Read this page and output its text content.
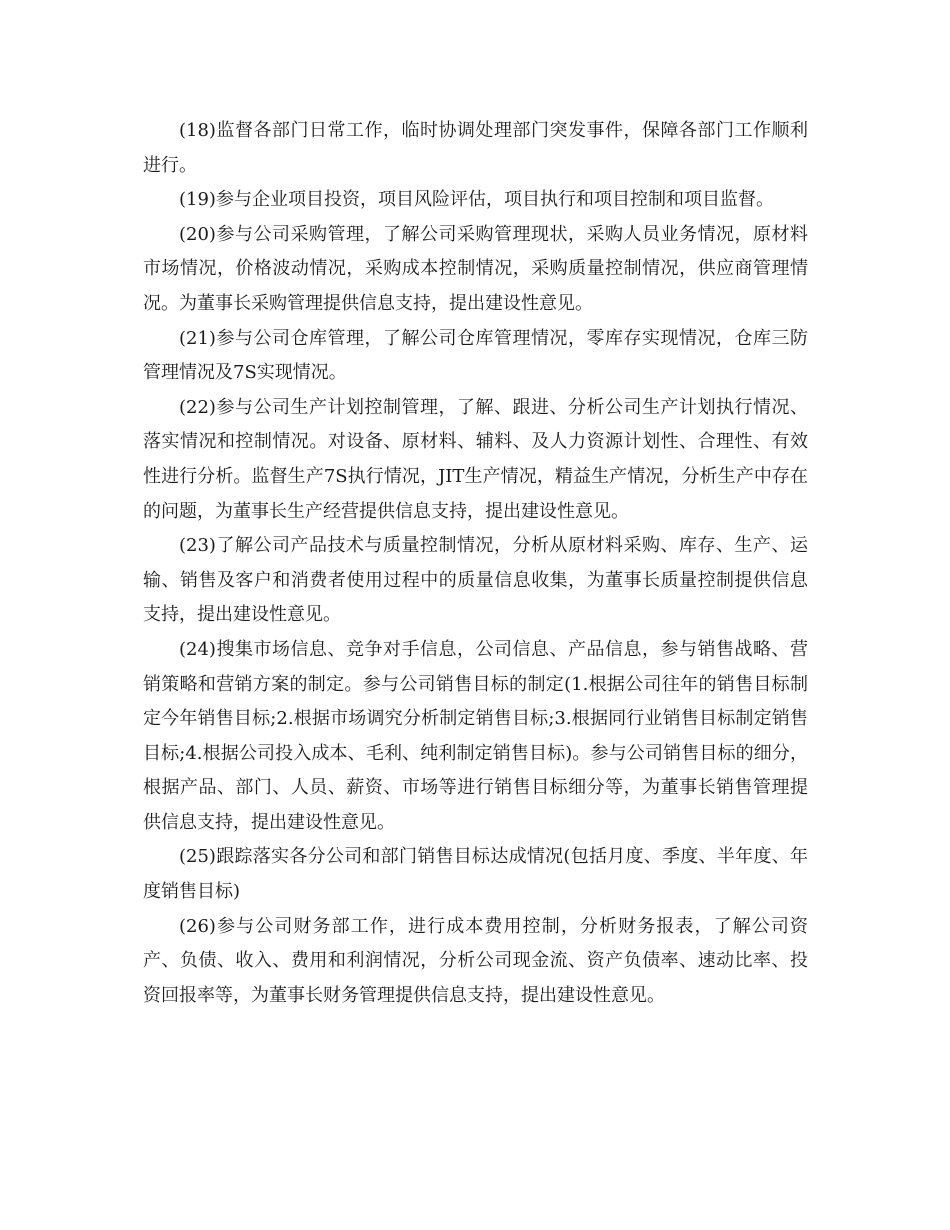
(18)监督各部门日常工作，临时协调处理部门突发事件，保障各部门工作顺利进行。

(19)参与企业项目投资，项目风险评估，项目执行和项目控制和项目监督。

(20)参与公司采购管理，了解公司采购管理现状，采购人员业务情况，原材料市场情况，价格波动情况，采购成本控制情况，采购质量控制情况，供应商管理情况。为董事长采购管理提供信息支持，提出建设性意见。

(21)参与公司仓库管理，了解公司仓库管理情况，零库存实现情况，仓库三防管理情况及7S实现情况。

(22)参与公司生产计划控制管理，了解、跟进、分析公司生产计划执行情况、落实情况和控制情况。对设备、原材料、辅料、及人力资源计划性、合理性、有效性进行分析。监督生产7S执行情况，JIT生产情况，精益生产情况，分析生产中存在的问题，为董事长生产经营提供信息支持，提出建设性意见。

(23)了解公司产品技术与质量控制情况，分析从原材料采购、库存、生产、运输、销售及客户和消费者使用过程中的质量信息收集，为董事长质量控制提供信息支持，提出建设性意见。

(24)搜集市场信息、竞争对手信息，公司信息、产品信息，参与销售战略、营销策略和营销方案的制定。参与公司销售目标的制定(1.根据公司往年的销售目标制定今年销售目标;2.根据市场调究分析制定销售目标;3.根据同行业销售目标制定销售目标;4.根据公司投入成本、毛利、纯利制定销售目标)。参与公司销售目标的细分，根据产品、部门、人员、薪资、市场等进行销售目标细分等，为董事长销售管理提供信息支持，提出建设性意见。

(25)跟踪落实各分公司和部门销售目标达成情况(包括月度、季度、半年度、年度销售目标)

(26)参与公司财务部工作，进行成本费用控制，分析财务报表，了解公司资产、负债、收入、费用和利润情况，分析公司现金流、资产负债率、速动比率、投资回报率等，为董事长财务管理提供信息支持，提出建设性意见。
